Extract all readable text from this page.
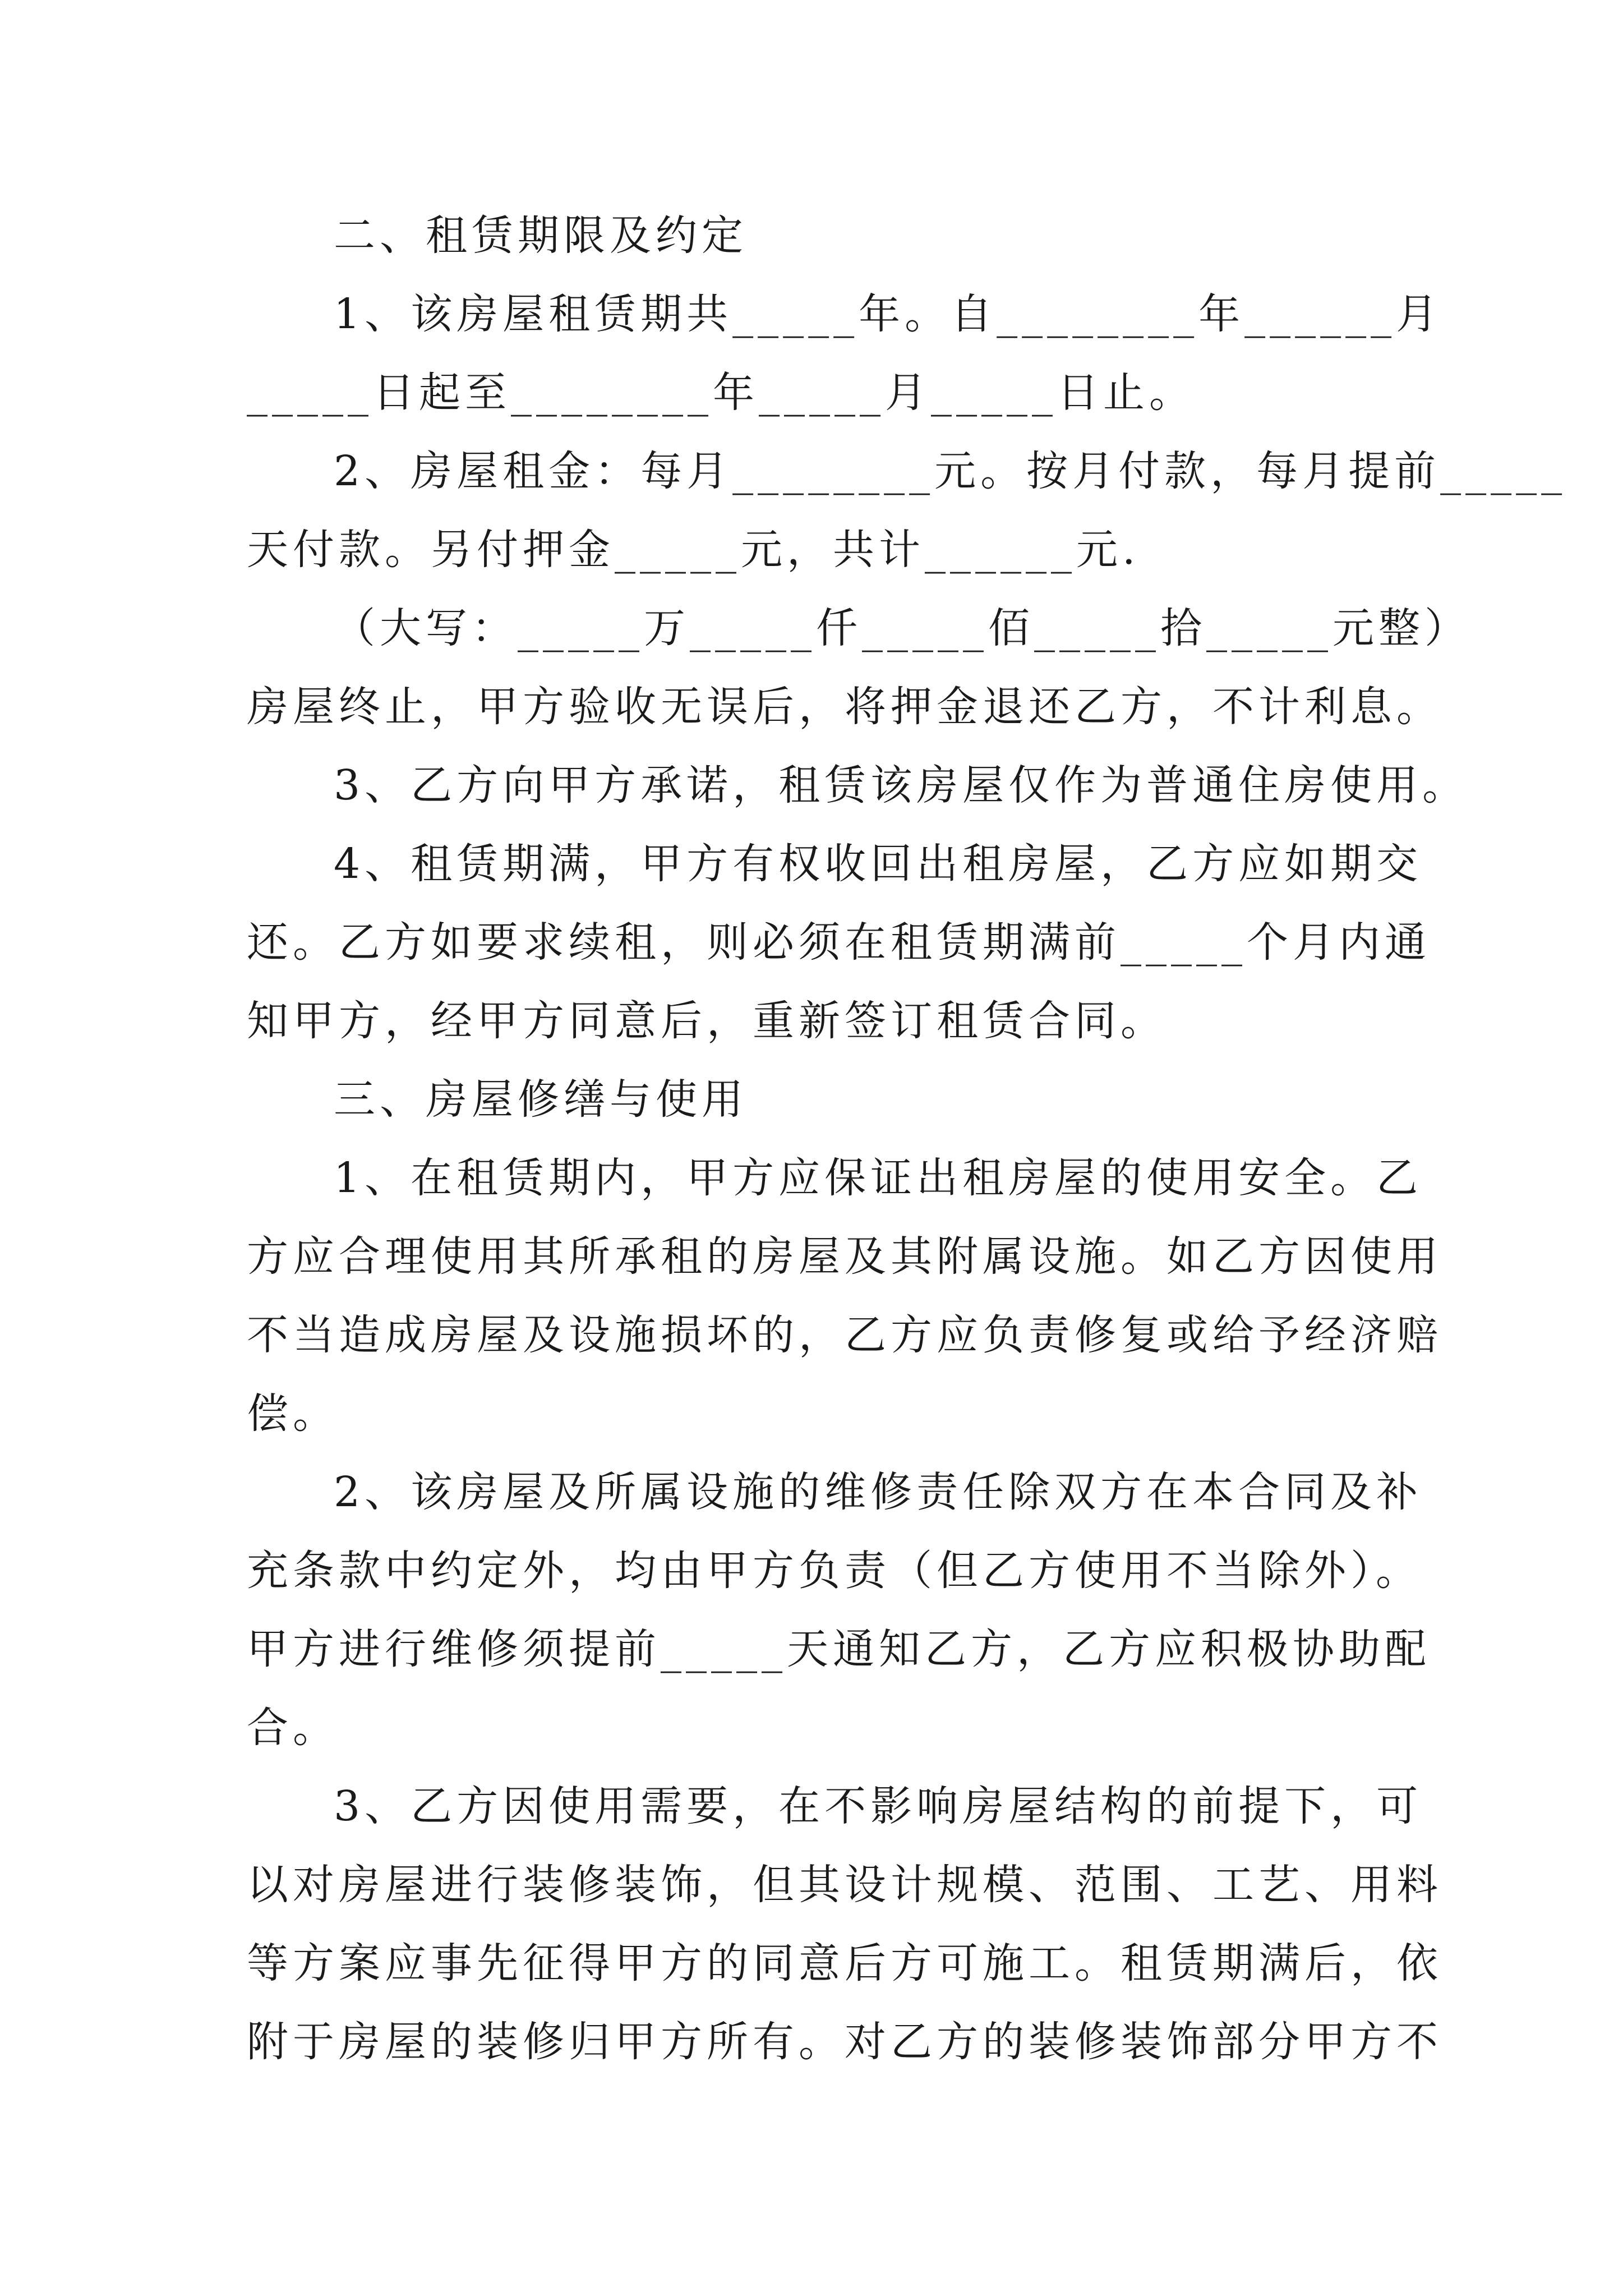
二、租赁期限及约定
1、该房屋租赁期共_____年。自________年______月
_____日起至________年_____月_____日止。
2、房屋租金：每月________元。按月付款，每月提前_____
天付款。另付押金_____元，共计______元.
（大写：_____万_____仟_____佰_____拾_____元整）
房屋终止，甲方验收无误后，将押金退还乙方，不计利息。
3、乙方向甲方承诺，租赁该房屋仅作为普通住房使用。
4、租赁期满，甲方有权收回出租房屋，乙方应如期交
还。乙方如要求续租，则必须在租赁期满前_____个月内通
知甲方，经甲方同意后，重新签订租赁合同。
三、房屋修缮与使用
1、在租赁期内，甲方应保证出租房屋的使用安全。乙
方应合理使用其所承租的房屋及其附属设施。如乙方因使用
不当造成房屋及设施损坏的，乙方应负责修复或给予经济赔
偿。
2、该房屋及所属设施的维修责任除双方在本合同及补
充条款中约定外，均由甲方负责（但乙方使用不当除外）。
甲方进行维修须提前_____天通知乙方，乙方应积极协助配
合。
3、乙方因使用需要，在不影响房屋结构的前提下，可
以对房屋进行装修装饰，但其设计规模、范围、工艺、用料
等方案应事先征得甲方的同意后方可施工。租赁期满后，依
附于房屋的装修归甲方所有。对乙方的装修装饰部分甲方不
